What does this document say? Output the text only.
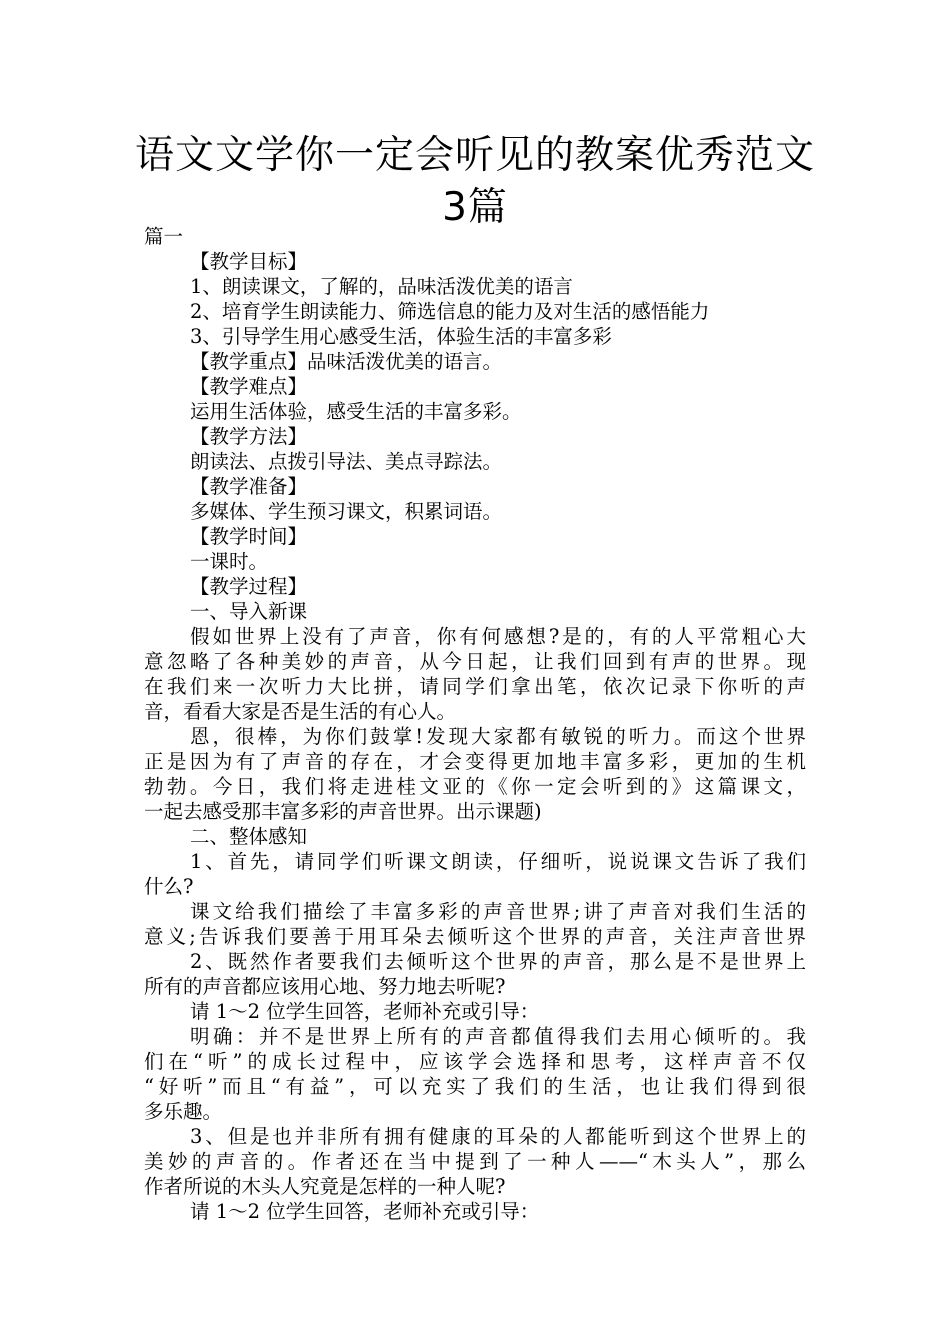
语文文学你一定会听见的教案优秀范文
3篇
篇一
【教学目标】
1、朗读课文，了解的，品味活泼优美的语言
2、培育学生朗读能力、筛选信息的能力及对生活的感悟能力
3、引导学生用心感受生活，体验生活的丰富多彩
【教学重点】品味活泼优美的语言。
【教学难点】
运用生活体验，感受生活的丰富多彩。
【教学方法】
朗读法、点拨引导法、美点寻踪法。
【教学准备】
多媒体、学生预习课文，积累词语。
【教学时间】
一课时。
【教学过程】
一、导入新课
假如世界上没有了声音，你有何感想?是的，有的人平常粗心大
意忽略了各种美妙的声音，从今日起，让我们回到有声的世界。现
在我们来一次听力大比拼，请同学们拿出笔，依次记录下你听的声
音，看看大家是否是生活的有心人。
恩，很棒，为你们鼓掌!发现大家都有敏锐的听力。而这个世界
正是因为有了声音的存在，才会变得更加地丰富多彩，更加的生机
勃勃。今日，我们将走进桂文亚的《你一定会听到的》这篇课文，
一起去感受那丰富多彩的声音世界。出示课题)
二、整体感知
1、首先，请同学们听课文朗读，仔细听，说说课文告诉了我们
什么?
课文给我们描绘了丰富多彩的声音世界;讲了声音对我们生活的
意义;告诉我们要善于用耳朵去倾听这个世界的声音，关注声音世界
2、既然作者要我们去倾听这个世界的声音，那么是不是世界上
所有的声音都应该用心地、努力地去听呢?
请 1～2 位学生回答，老师补充或引导：
明确：并不是世界上所有的声音都值得我们去用心倾听的。我
们在“听”的成长过程中，应该学会选择和思考，这样声音不仅
“好听”而且“有益”，可以充实了我们的生活，也让我们得到很
多乐趣。
3、但是也并非所有拥有健康的耳朵的人都能听到这个世界上的
美妙的声音的。作者还在当中提到了一种人——“木头人”，那么
作者所说的木头人究竟是怎样的一种人呢?
请 1～2 位学生回答，老师补充或引导：
